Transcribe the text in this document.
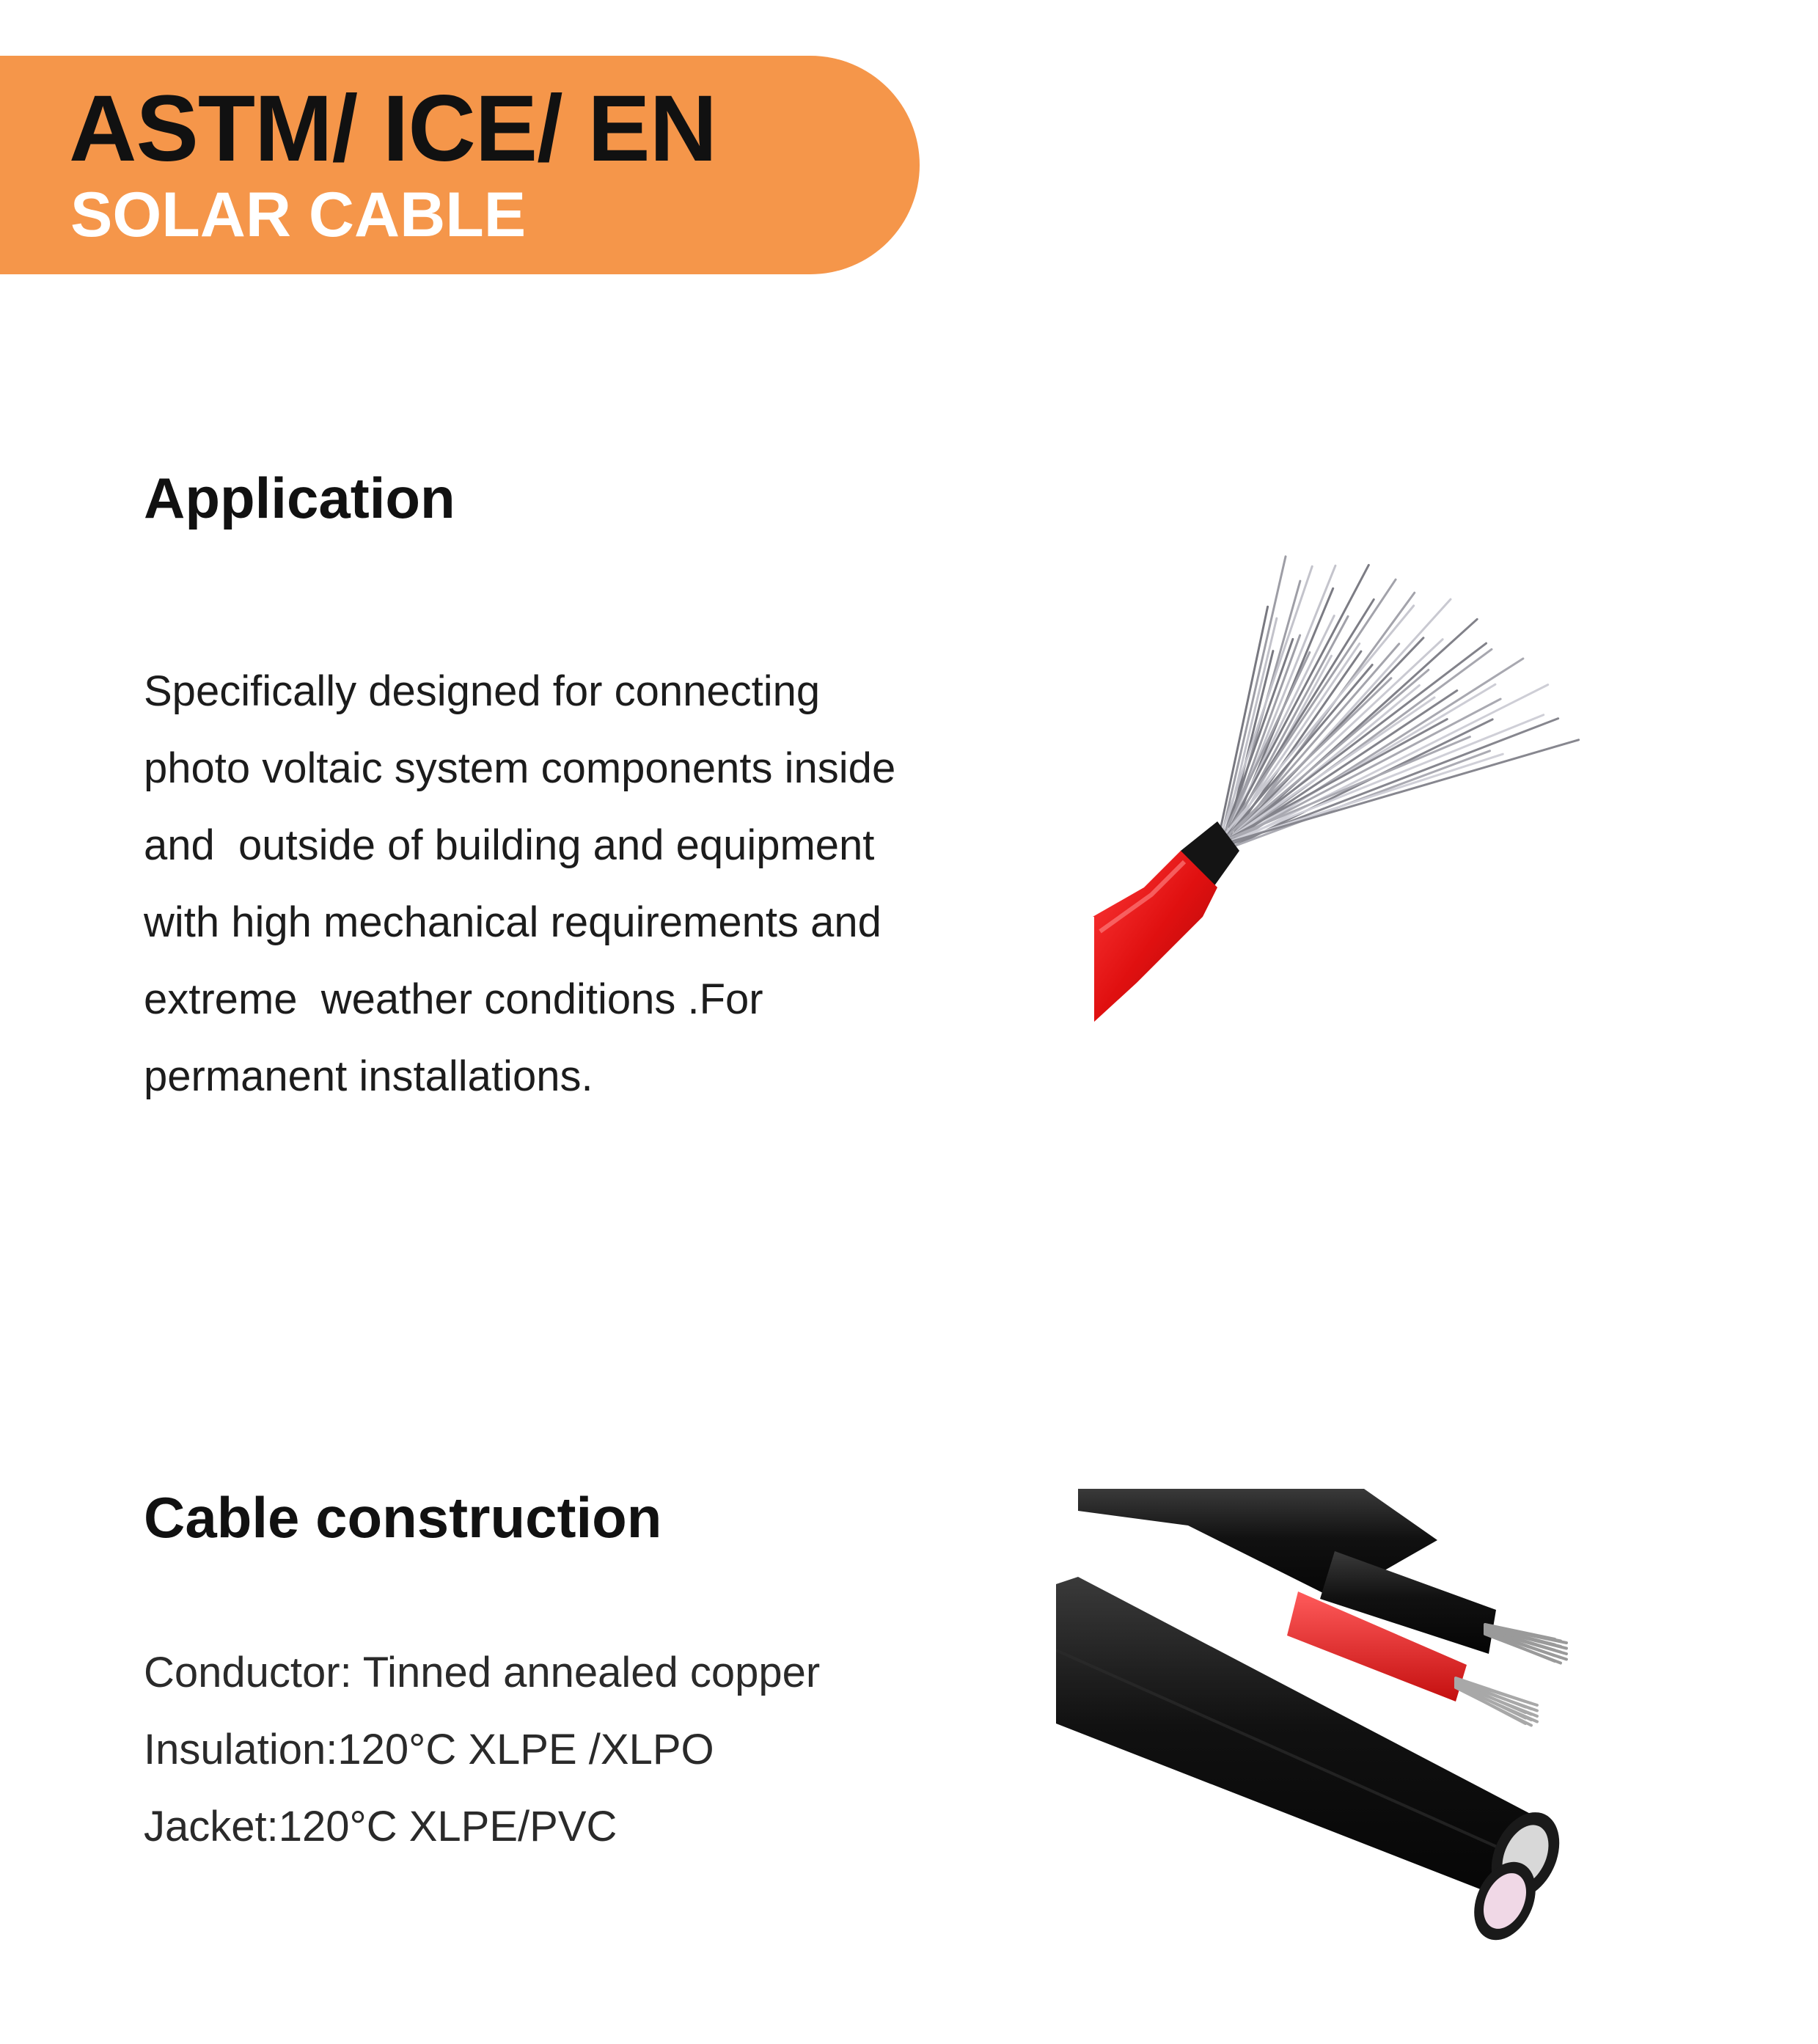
ASTM/ ICE/ EN
SOLAR CABLE
Application
Specifically designed for connecting
photo voltaic system components inside
and  outside of building and equipment
with high mechanical requirements and
extreme  weather conditions .For
permanent installations.
Cable construction
Conductor: Tinned annealed copper
Insulation:120°C XLPE /XLPO
Jacket:120°C XLPE/PVC
